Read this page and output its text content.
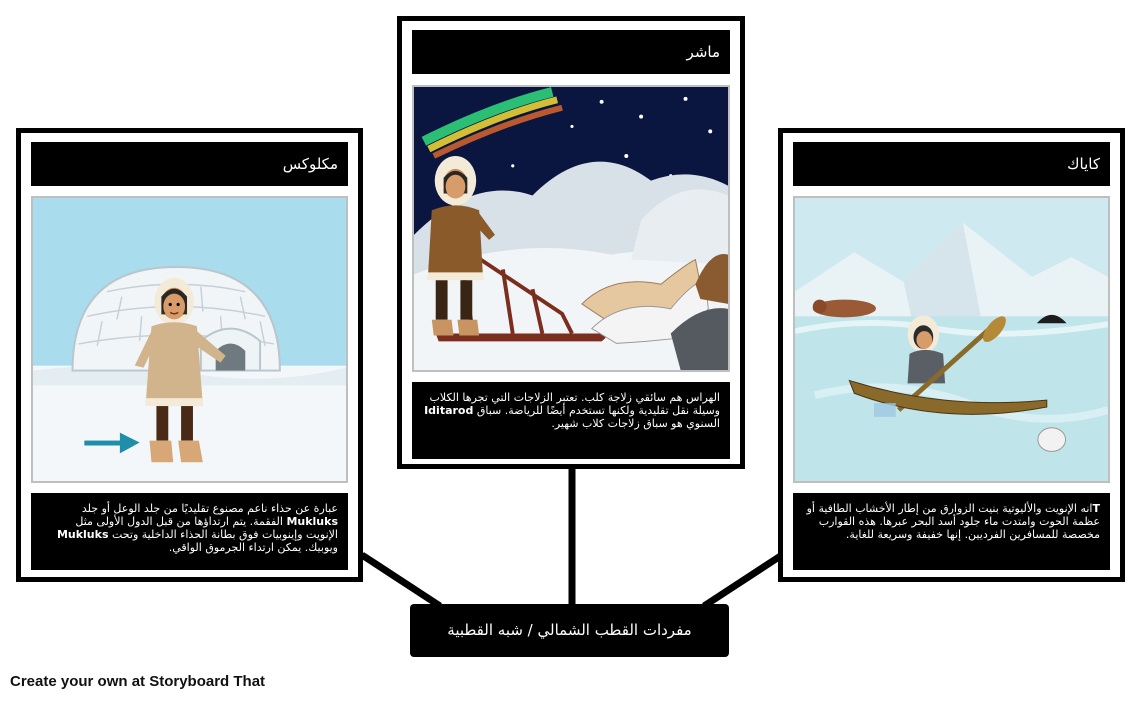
مكلوكس
عبارة عن حذاء ناعم مصنوع تقليديًا من جلد الوعل أو جلد Mukluks الفقمة. يتم ارتداؤها من قبل الدول الأولى مثل الإنويت وإينوبيات فوق بطانة الحذاء الداخلية وتحت Mukluks ويوبيك. يمكن ارتداء الجرموق الواقي.
ماشر
الهراس هم سائقي زلاجة كلب. تعتبر الزلاجات التي تجرها الكلاب وسيلة نقل تقليدية ولكنها تستخدم أيضًا للرياضة. سباق Iditarod السنوي هو سباق زلاجات كلاب شهير.
كاياك
Tانه الإنويت والأليوتية بنيت الزوارق من إطار الأخشاب الطافية أو عظمة الحوت وامتدت ماء جلود أسد البحر عبرها. هذه القوارب مخصصة للمسافرين الفرديين. إنها خفيفة وسريعة للغاية.
مفردات القطب الشمالي / شبه القطبية
Create your own at Storyboard That
